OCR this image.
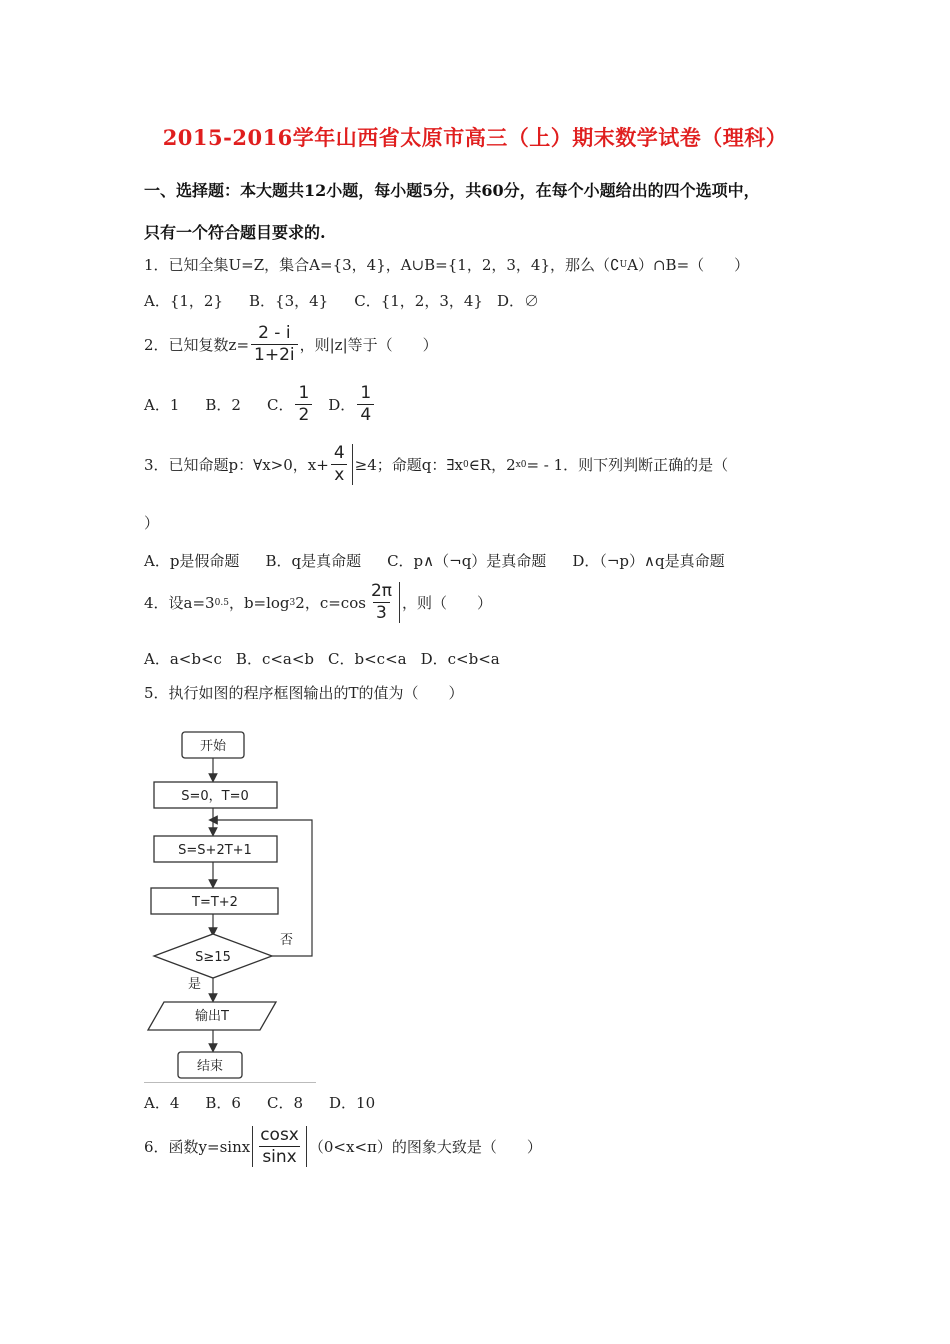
2015-2016学年山西省太原市高三（上）期末数学试卷（理科）
一、选择题：本大题共12小题，每小题5分，共60分，在每个小题给出的四个选项中，
只有一个符合题目要求的.
1．已知全集U=Z，集合A={3，4}，A∪B={1，2，3，4}，那么（∁ U A）∩B=（　　）
A．{1，2} B．{3，4} C．{1，2，3，4} D．∅
2．已知复数$z= \frac{2 - i}{1+2i}$ ，则|z|等于（　　）
A．1 B．2 C． $\frac{1}{2}$ D． $\frac{1}{4}$
3．已知命题p：∀x>0，$x+ \frac{4}{x} \ge 4$；命题q：∃x 0 ∈R，2 x0 = - 1．则下列判断正确的是（
）
A．p是假命题 B．q是真命题 C．p∧（¬q）是真命题 D．（¬p）∧q是真命题
4．设a=3 0.5 ，b=log 3 2，$c=\cos \frac{2\pi}{3}$ ，则（　　）
A．a<b<c B．c<a<b C．b<c<a D．c<b<a
5．执行如图的程序框图输出的T的值为（　　）
开始
S=0，T=0
S=S+2T+1
T=T+2
S≥15
否
是
输出T
结束
A．4 B．6 C．8 D．10
6．函数$y=\sin x \frac{\cos x}{\sin x} (0<x<\pi)$的图象大致是（　　）
